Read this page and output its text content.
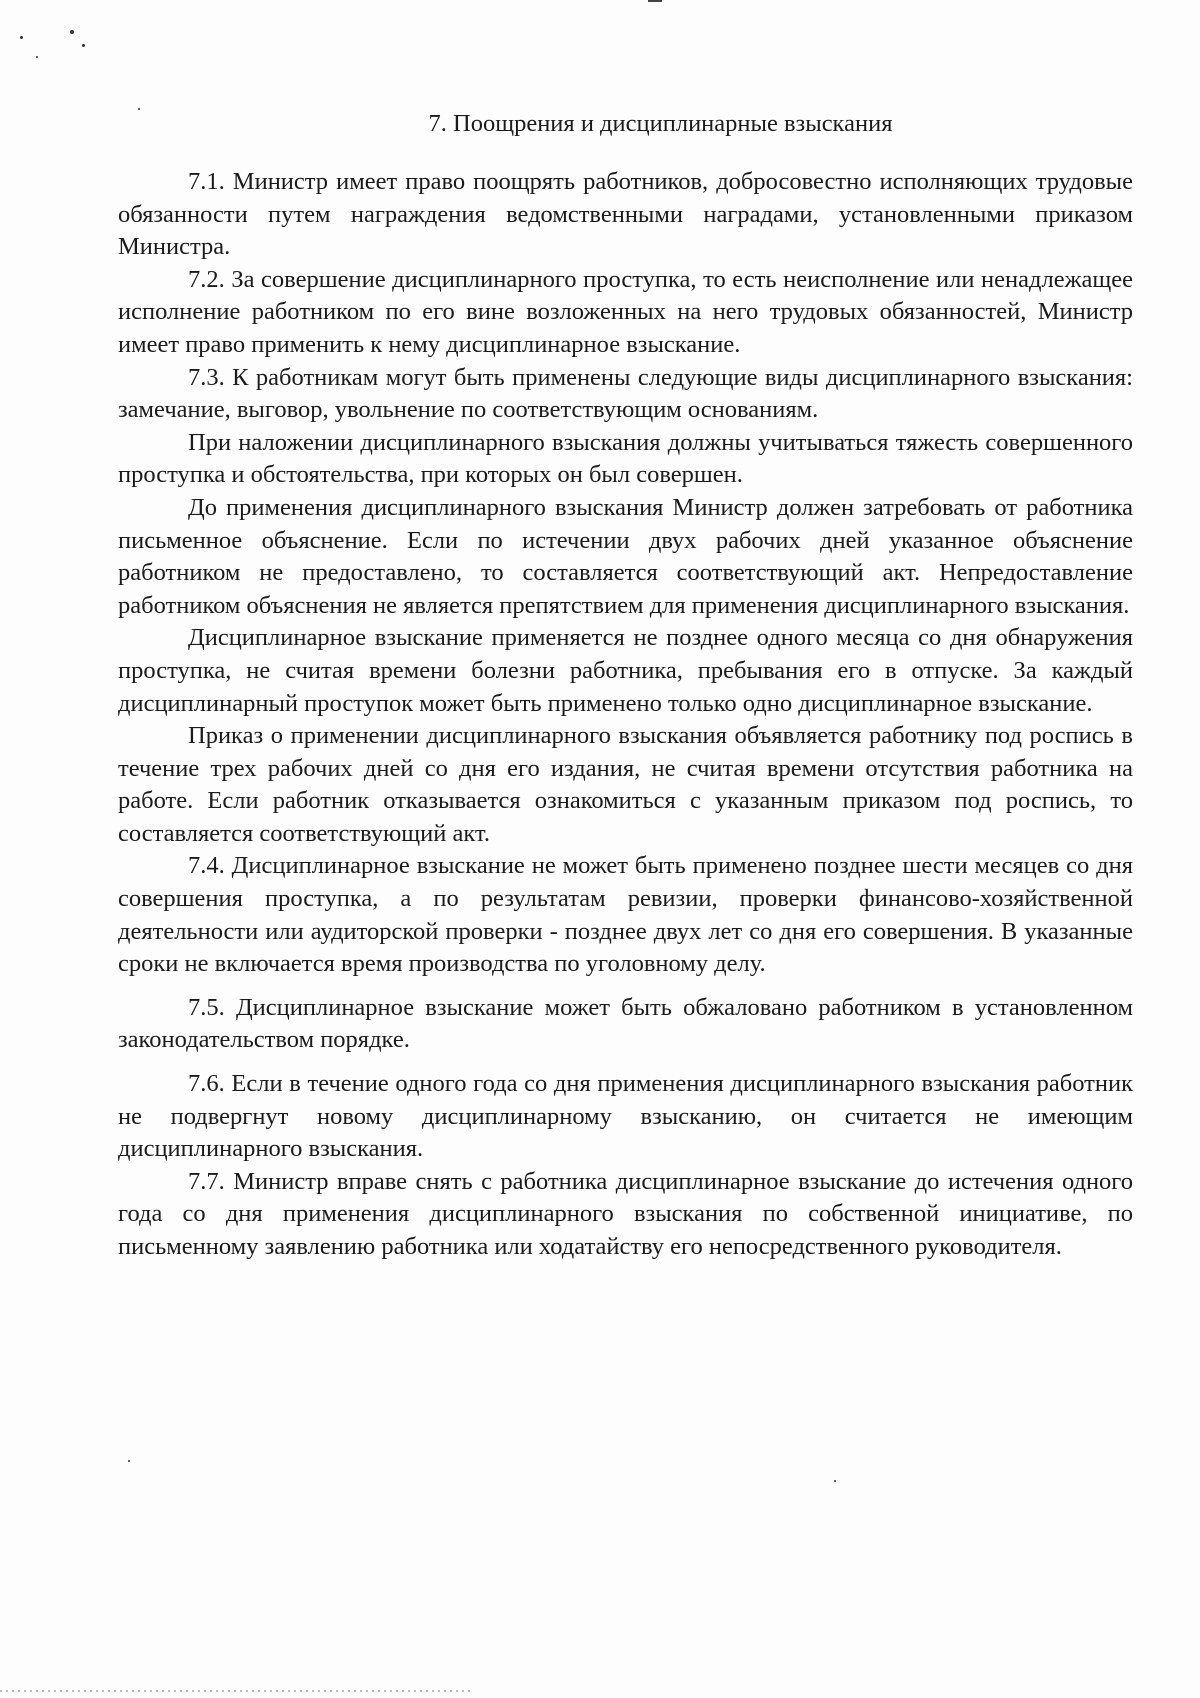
7. Поощрения и дисциплинарные взыскания

7.1. Министр имеет право поощрять работников, добросовестно исполняющих трудовые обязанности путем награждения ведомственными наградами, установленными приказом Министра.

7.2. За совершение дисциплинарного проступка, то есть неисполнение или ненадлежащее исполнение работником по его вине возложенных на него трудовых обязанностей, Министр имеет право применить к нему дисциплинарное взыскание.

7.3. К работникам могут быть применены следующие виды дисциплинарного взыскания: замечание, выговор, увольнение по соответствующим основаниям.

При наложении дисциплинарного взыскания должны учитываться тяжесть совершенного проступка и обстоятельства, при которых он был совершен.

До применения дисциплинарного взыскания Министр должен затребовать от работника письменное объяснение. Если по истечении двух рабочих дней указанное объяснение работником не предоставлено, то составляется соответствующий акт. Непредоставление работником объяснения не является препятствием для применения дисциплинарного взыскания.

Дисциплинарное взыскание применяется не позднее одного месяца со дня обнаружения проступка, не считая времени болезни работника, пребывания его в отпуске. За каждый дисциплинарный проступок может быть применено только одно дисциплинарное взыскание.

Приказ о применении дисциплинарного взыскания объявляется работнику под роспись в течение трех рабочих дней со дня его издания, не считая времени отсутствия работника на работе. Если работник отказывается ознакомиться с указанным приказом под роспись, то составляется соответствующий акт.

7.4. Дисциплинарное взыскание не может быть применено позднее шести месяцев со дня совершения проступка, а по результатам ревизии, проверки финансово-хозяйственной деятельности или аудиторской проверки - позднее двух лет со дня его совершения. В указанные сроки не включается время производства по уголовному делу.

7.5. Дисциплинарное взыскание может быть обжаловано работником в установленном законодательством порядке.

7.6. Если в течение одного года со дня применения дисциплинарного взыскания работник не подвергнут новому дисциплинарному взысканию, он считается не имеющим дисциплинарного взыскания.

7.7. Министр вправе снять с работника дисциплинарное взыскание до истечения одного года со дня применения дисциплинарного взыскания по собственной инициативе, по письменному заявлению работника или ходатайству его непосредственного руководителя.
